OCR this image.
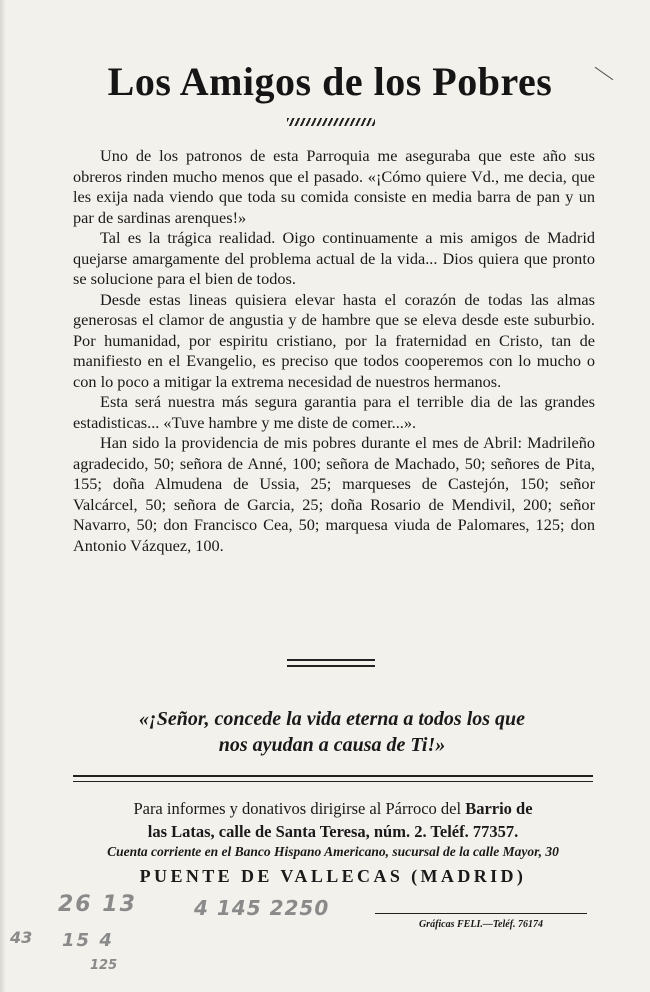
Los Amigos de los Pobres

Uno de los patronos de esta Parroquia me aseguraba que este año sus obreros rinden mucho menos que el pasado. «¡Cómo quiere Vd., me decia, que les exija nada viendo que toda su comida consiste en media barra de pan y un par de sardinas arenques!»

Tal es la trágica realidad. Oigo continuamente a mis amigos de Madrid quejarse amargamente del problema actual de la vida... Dios quiera que pronto se solucione para el bien de todos.

Desde estas lineas quisiera elevar hasta el corazón de todas las almas generosas el clamor de angustia y de hambre que se eleva desde este suburbio. Por humanidad, por espiritu cristiano, por la fraternidad en Cristo, tan de manifiesto en el Evangelio, es preciso que todos cooperemos con lo mucho o con lo poco a mitigar la extrema necesidad de nuestros hermanos.

Esta será nuestra más segura garantia para el terrible dia de las grandes estadisticas... «Tuve hambre y me diste de comer...».

Han sido la providencia de mis pobres durante el mes de Abril: Madrileño agradecido, 50; señora de Anné, 100; señora de Machado, 50; señores de Pita, 155; doña Almudena de Ussia, 25; marqueses de Castejón, 150; señor Valcárcel, 50; señora de Garcia, 25; doña Rosario de Mendivil, 200; señor Navarro, 50; don Francisco Cea, 50; marquesa viuda de Palomares, 125; don Antonio Vázquez, 100.

«¡Señor, concede la vida eterna a todos los que
nos ayudan a causa de Ti!»
Para informes y donativos dirigirse al Párroco del Barrio de
las Latas, calle de Santa Teresa, núm. 2. Teléf. 77357.
Cuenta corriente en el Banco Hispano Americano, sucursal de la calle Mayor, 30
PUENTE DE VALLECAS (MADRID)
Gráficas FELI.—Teléf. 76174
26 13	4 145 2250
43 15 4
125
